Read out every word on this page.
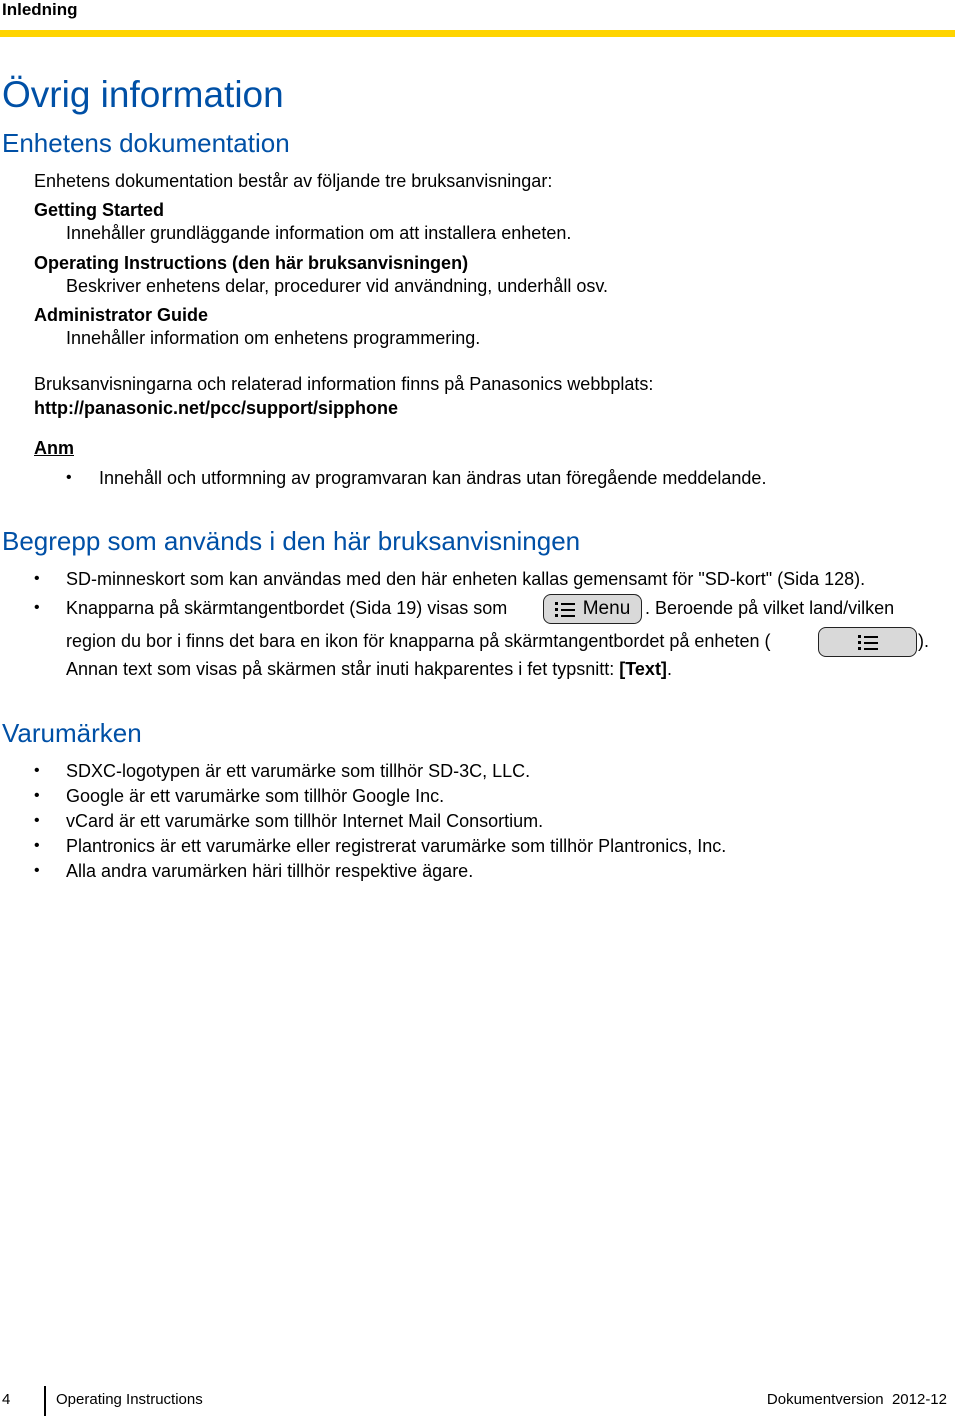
Inledning
Övrig information
Enhetens dokumentation
Enhetens dokumentation består av följande tre bruksanvisningar:
Getting Started
Innehåller grundläggande information om att installera enheten.
Operating Instructions (den här bruksanvisningen)
Beskriver enhetens delar, procedurer vid användning, underhåll osv.
Administrator Guide
Innehåller information om enhetens programmering.
Bruksanvisningarna och relaterad information finns på Panasonics webbplats:
http://panasonic.net/pcc/support/sipphone
Anm
• Innehåll och utformning av programvaran kan ändras utan föregående meddelande.
Begrepp som används i den här bruksanvisningen
• SD-minneskort som kan användas med den här enheten kallas gemensamt för "SD-kort" (Sida 128).
• Knapparna på skärmtangentbordet (Sida 19) visas som	Menu . Beroende på vilket land/vilken
region du bor i finns det bara en ikon för knapparna på skärmtangentbordet på enheten (	).
Annan text som visas på skärmen står inuti hakparentes i fet typsnitt: [Text].
Varumärken
• SDXC-logotypen är ett varumärke som tillhör SD-3C, LLC.
• Google är ett varumärke som tillhör Google Inc.
• vCard är ett varumärke som tillhör Internet Mail Consortium.
• Plantronics är ett varumärke eller registrerat varumärke som tillhör Plantronics, Inc.
• Alla andra varumärken häri tillhör respektive ägare.
4	Operating Instructions	Dokumentversion  2012-12
